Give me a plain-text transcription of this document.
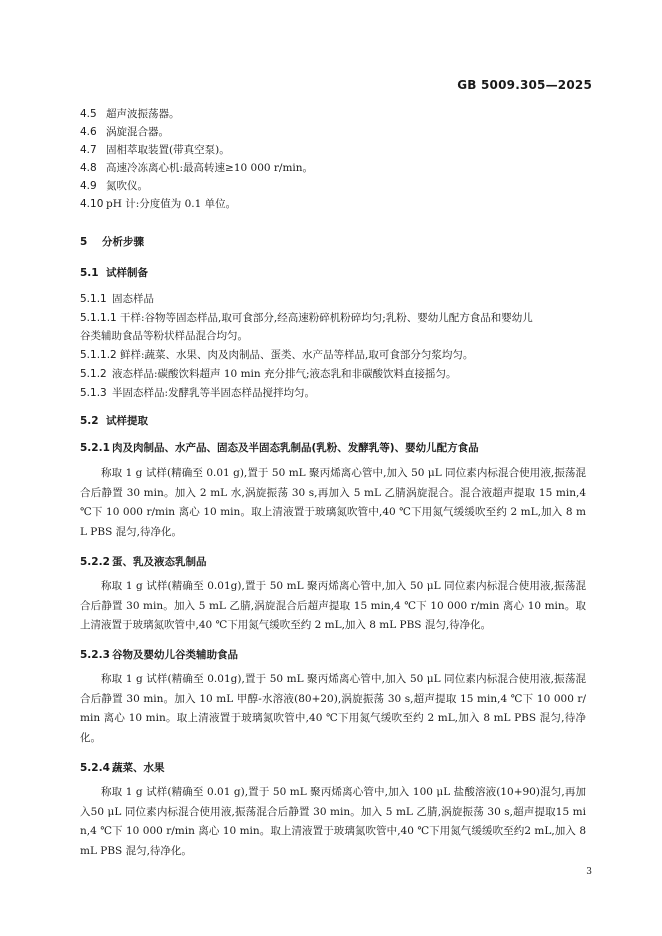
GB 5009.305—2025
4.5 超声波振荡器。
4.6 涡旋混合器。
4.7 固相萃取装置(带真空泵)。
4.8 高速冷冻离心机:最高转速≥10 000 r/min。
4.9 氮吹仪。
4.10 pH 计:分度值为 0.1 单位。
5 分析步骤
5.1 试样制备
5.1.1 固态样品
5.1.1.1 干样:谷物等固态样品,取可食部分,经高速粉碎机粉碎均匀;乳粉、婴幼儿配方食品和婴幼儿
谷类辅助食品等粉状样品混合均匀。
5.1.1.2 鲜样:蔬菜、水果、肉及肉制品、蛋类、水产品等样品,取可食部分匀浆均匀。
5.1.2 液态样品:碳酸饮料超声 10 min 充分排气;液态乳和非碳酸饮料直接摇匀。
5.1.3 半固态样品:发酵乳等半固态样品搅拌均匀。
5.2 试样提取
5.2.1 肉及肉制品、水产品、固态及半固态乳制品(乳粉、发酵乳等)、婴幼儿配方食品
称取 1 g 试样(精确至 0.01 g),置于 50 mL 聚丙烯离心管中,加入 50 μL 同位素内标混合使用液,振荡混合后静置 30 min。加入 2 mL 水,涡旋振荡 30 s,再加入 5 mL 乙腈涡旋混合。混合液超声提取 15 min,4 ℃下 10 000 r/min 离心 10 min。取上清液置于玻璃氮吹管中,40 ℃下用氮气缓缓吹至约 2 mL,加入 8 mL PBS 混匀,待净化。
5.2.2 蛋、乳及液态乳制品
称取 1 g 试样(精确至 0.01g),置于 50 mL 聚丙烯离心管中,加入 50 μL 同位素内标混合使用液,振荡混合后静置 30 min。加入 5 mL 乙腈,涡旋混合后超声提取 15 min,4 ℃下 10 000 r/min 离心 10 min。取上清液置于玻璃氮吹管中,40 ℃下用氮气缓吹至约 2 mL,加入 8 mL PBS 混匀,待净化。
5.2.3 谷物及婴幼儿谷类辅助食品
称取 1 g 试样(精确至 0.01g),置于 50 mL 聚丙烯离心管中,加入 50 μL 同位素内标混合使用液,振荡混合后静置 30 min。加入 10 mL 甲醇-水溶液(80+20),涡旋振荡 30 s,超声提取 15 min,4 ℃下 10 000 r/min 离心 10 min。取上清液置于玻璃氮吹管中,40 ℃下用氮气缓吹至约 2 mL,加入 8 mL PBS 混匀,待净化。
5.2.4 蔬菜、水果
称取 1 g 试样(精确至 0.01 g),置于 50 mL 聚丙烯离心管中,加入 100 μL 盐酸溶液(10+90)混匀,再加入50 μL 同位素内标混合使用液,振荡混合后静置 30 min。加入 5 mL 乙腈,涡旋振荡 30 s,超声提取15 min,4 ℃下 10 000 r/min 离心 10 min。取上清液置于玻璃氮吹管中,40 ℃下用氮气缓缓吹至约2 mL,加入 8 mL PBS 混匀,待净化。
3
